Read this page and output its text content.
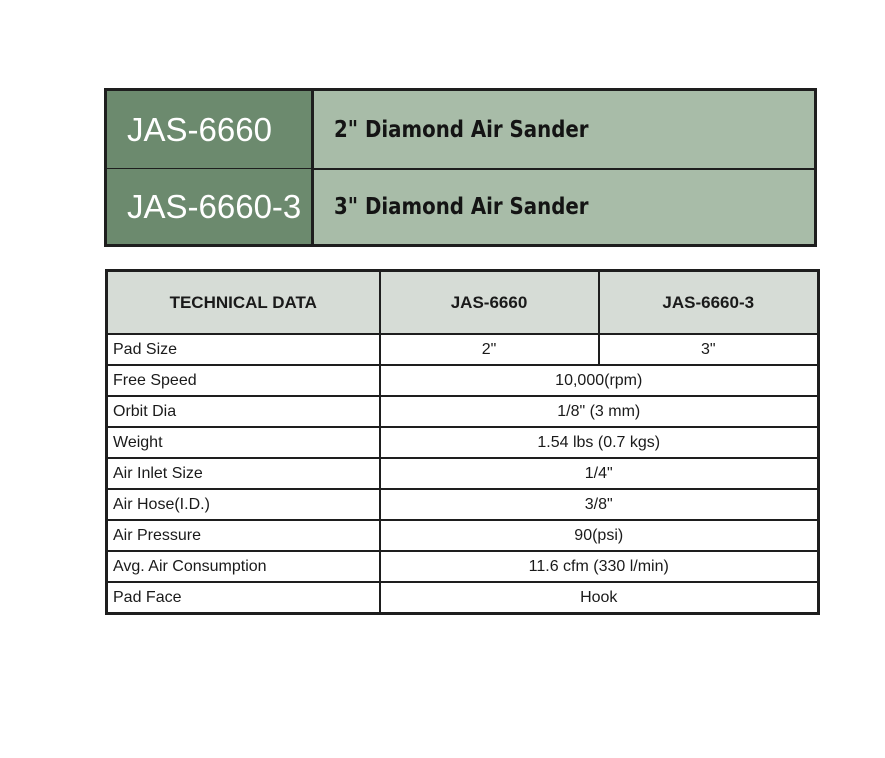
JAS-6660	2" Diamond Air Sander
JAS-6660-3	3" Diamond Air Sander
TECHNICAL DATA	JAS-6660	JAS-6660-3
Pad Size	2"	3"
Free Speed	10,000(rpm)	
Orbit Dia	1/8" (3 mm)	
Weight	1.54 lbs (0.7 kgs)	
Air Inlet Size	1/4"	
Air Hose(I.D.)	3/8"	
Air Pressure	90(psi)	
Avg. Air Consumption	11.6 cfm (330 l/min)	
Pad Face	Hook	
